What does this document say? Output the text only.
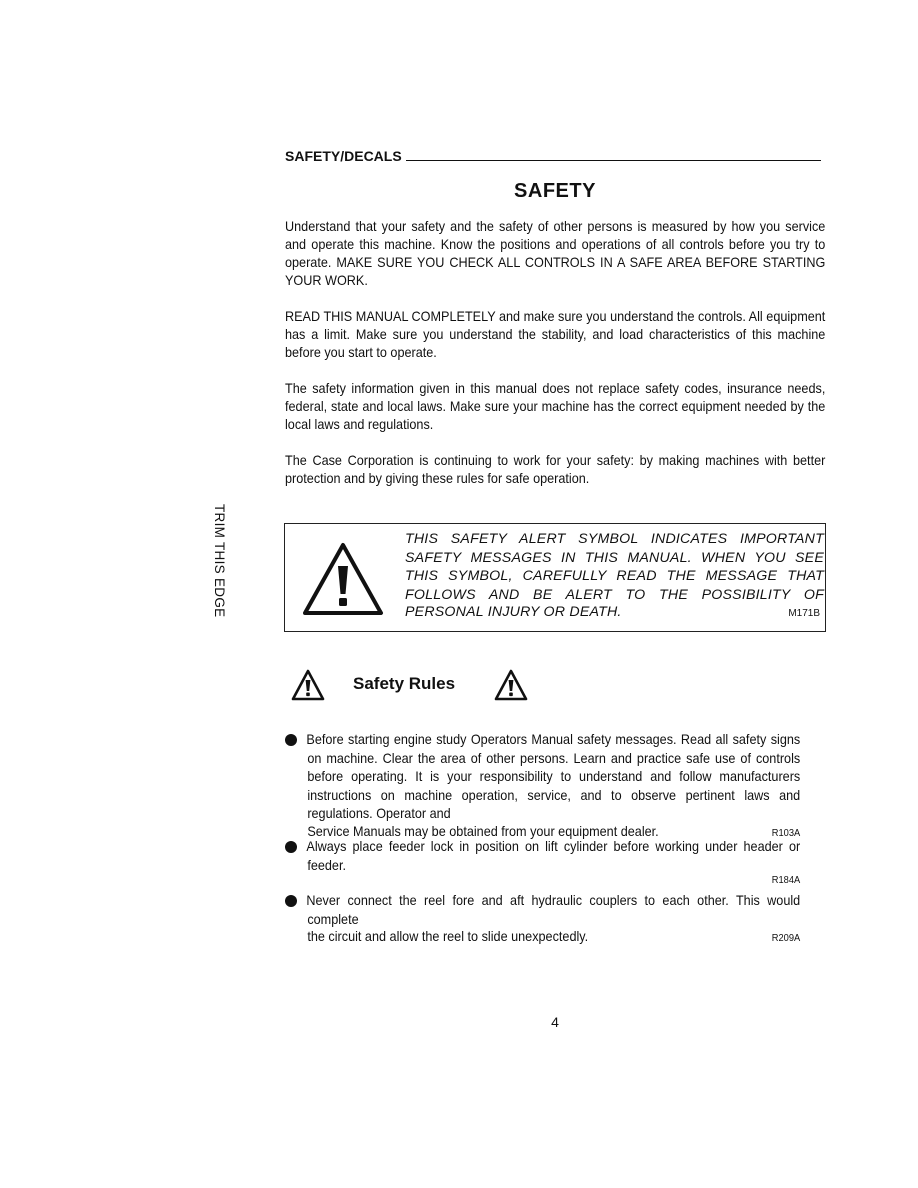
SAFETY/DECALS
SAFETY

Understand that your safety and the safety of other persons is measured by how you service and operate this machine. Know the positions and operations of all controls before you try to operate. MAKE SURE YOU CHECK ALL CONTROLS IN A SAFE AREA BEFORE STARTING YOUR WORK.

READ THIS MANUAL COMPLETELY and make sure you understand the controls. All equipment has a limit. Make sure you understand the stability, and load characteristics of this machine before you start to operate.

The safety information given in this manual does not replace safety codes, insurance needs, federal, state and local laws. Make sure your machine has the correct equipment needed by the local laws and regulations.

The Case Corporation is continuing to work for your safety: by making machines with better protection and by giving these rules for safe operation.

TRIM THIS EDGE	THIS SAFETY ALERT SYMBOL INDICATES IMPORTANT SAFETY MESSAGES IN THIS MANUAL. WHEN YOU SEE THIS SYMBOL, CAREFULLY READ THE MESSAGE THAT FOLLOWS AND BE ALERT TO THE POSSIBILITY OF

PERSONAL INJURY OR DEATH.	M171B
Safety Rules

Before starting engine study Operators Manual safety messages. Read all safety signs on machine. Clear the area of other persons. Learn and practice safe use of controls before operating. It is your responsibility to understand and follow manufacturers instructions on machine operation, service, and to observe pertinent laws and regulations. Operator and

Service Manuals may be obtained from your equipment dealer.	R103A

Always place feeder lock in position on lift cylinder before working under header or feeder.

R184A

Never connect the reel fore and aft hydraulic couplers to each other. This would complete

the circuit and allow the reel to slide unexpectedly.	R209A
4
